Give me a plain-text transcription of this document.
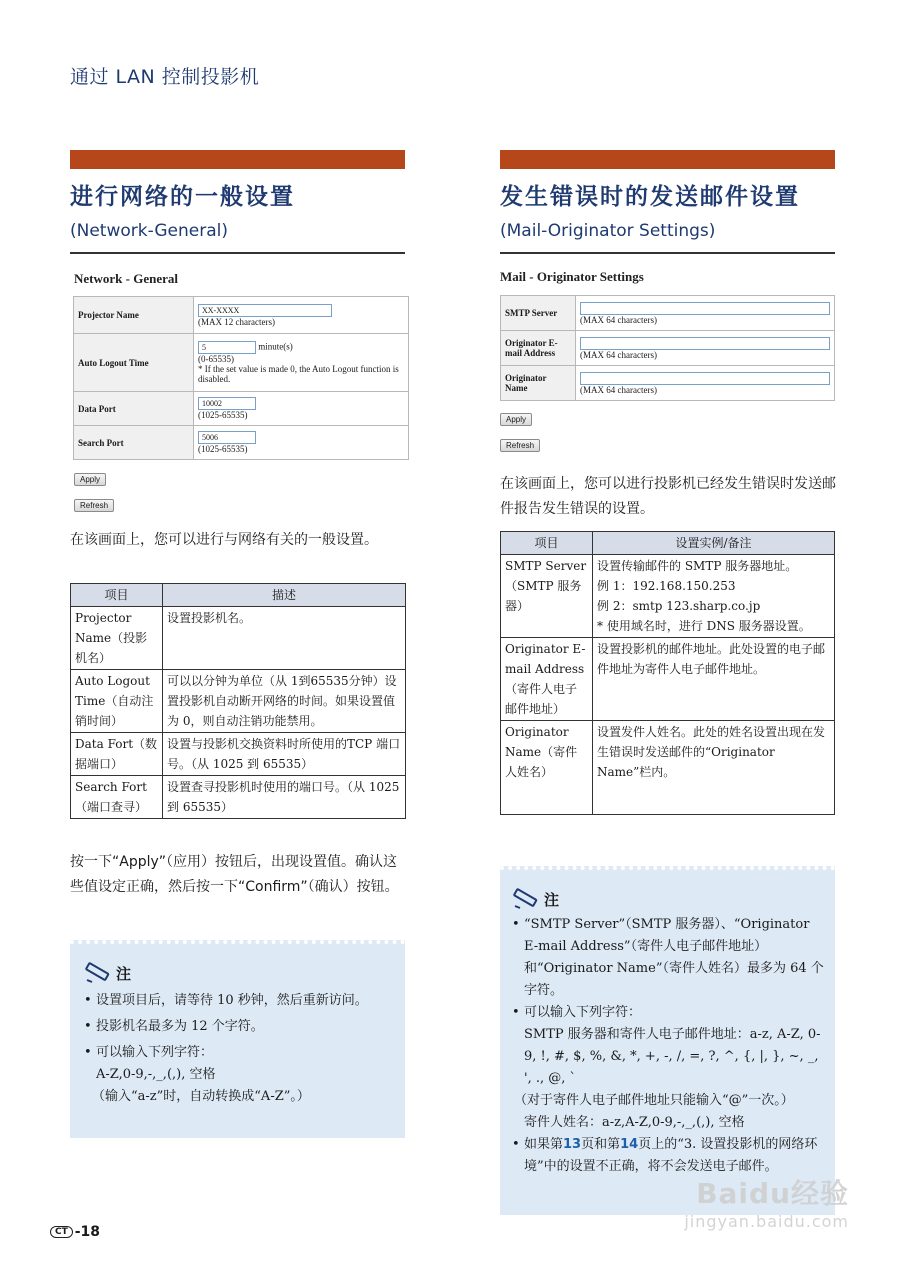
通过 LAN 控制投影机
进行网络的一般设置
(Network-General)
Network - General
Projector Name	XX-XXXX
(MAX 12 characters)
Auto Logout Time	5 minute(s)
(0-65535)
* If the set value is made 0, the Auto Logout function is disabled.
Data Port	10002
(1025-65535)
Search Port	5006
(1025-65535)
Apply
Refresh
在该画面上，您可以进行与网络有关的一般设置。
项目	描述
Projector Name（投影机名）	设置投影机名。
Auto Logout Time（自动注销时间）	可以以分钟为单位（从 1到65535分钟）设置投影机自动断开网络的时间。如果设置值为 0，则自动注销功能禁用。
Data Fort（数据端口）	设置与投影机交换资料时所使用的TCP 端口号。（从 1025 到 65535）
Search Fort（端口查寻）	设置查寻投影机时使用的端口号。（从 1025 到 65535）
按一下“Apply”（应用）按钮后，出现设置值。确认这些值设定正确，然后按一下“Confirm”（确认）按钮。
注
• 设置项目后，请等待 10 秒钟，然后重新访问。
• 投影机名最多为 12 个字符。
• 可以输入下列字符：
A-Z,0-9,-,_,(,), 空格
（输入“a-z”时，自动转换成“A-Z”。）
发生错误时的发送邮件设置
(Mail-Originator Settings)
Mail - Originator Settings
SMTP Server	(MAX 64 characters)
Originator E-mail Address	(MAX 64 characters)
Originator Name	(MAX 64 characters)
Apply
Refresh
在该画面上，您可以进行投影机已经发生错误时发送邮件报告发生错误的设置。
项目	设置实例/备注
SMTP Server（SMTP 服务器）	设置传输邮件的 SMTP 服务器地址。
例 1：192.168.150.253
例 2：smtp 123.sharp.co.jp
* 使用域名时，进行 DNS 服务器设置。

Originator E-mail Address（寄件人电子邮件地址）	设置投影机的邮件地址。此处设置的电子邮件地址为寄件人电子邮件地址。
Originator Name（寄件人姓名）	设置发件人姓名。此处的姓名设置出现在发生错误时发送邮件的“Originator Name”栏内。
注
• “SMTP Server”（SMTP 服务器）、“Originator E-mail Address”（寄件人电子邮件地址）和“Originator Name”（寄件人姓名）最多为 64 个字符。
• 可以输入下列字符：
SMTP 服务器和寄件人电子邮件地址：a-z, A-Z, 0-9, !, #, $, %, &, *, +, -, /, =, ?, ^, {, |, }, ~, _, ', ., @, `
（对于寄件人电子邮件地址只能输入“@”一次。）
寄件人姓名：a-z,A-Z,0-9,-,_,(,), 空格
• 如果第13页和第14页上的“3. 设置投影机的网络环境”中的设置不正确，将不会发送电子邮件。
CT -18
Baidu经验
jingyan.baidu.com
